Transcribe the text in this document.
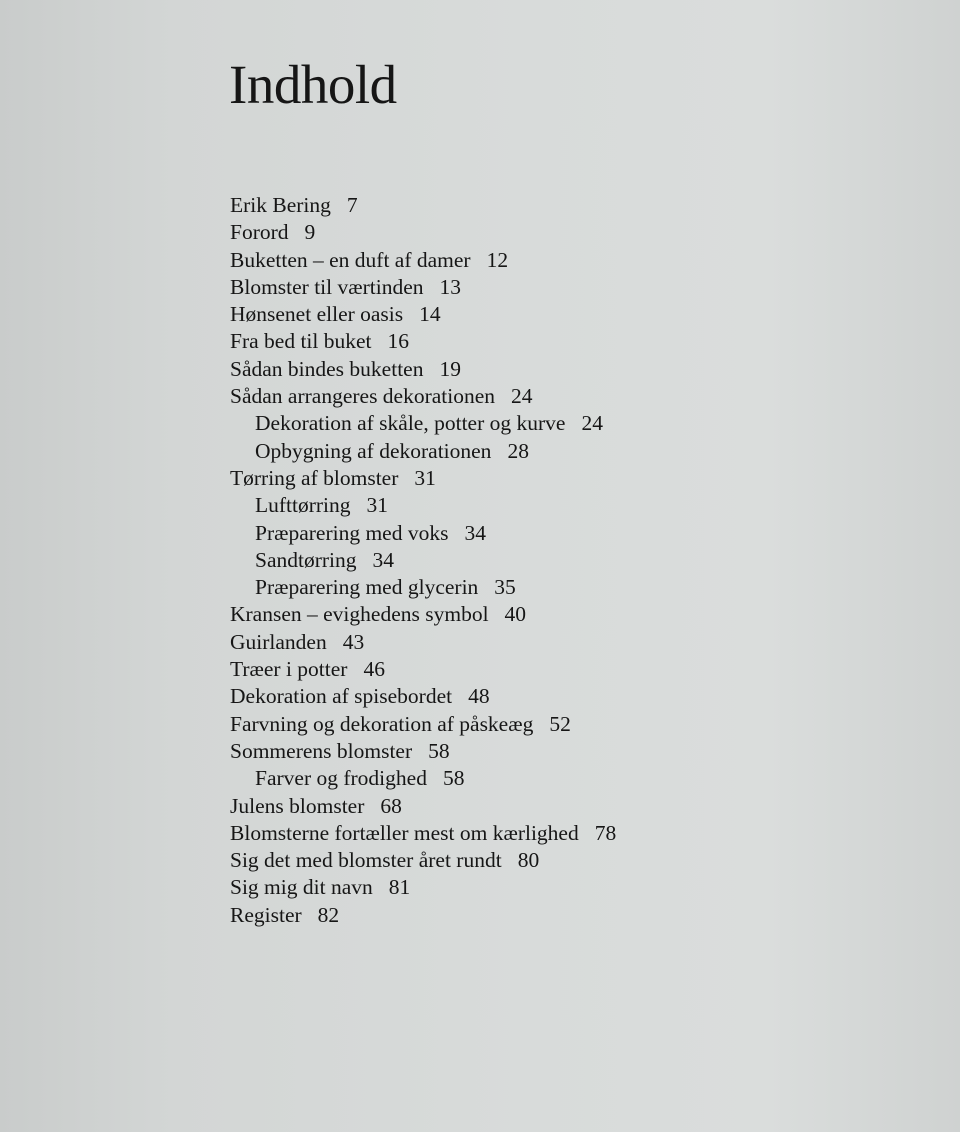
Indhold
Erik Bering 7
Forord 9
Buketten – en duft af damer 12
Blomster til værtinden 13
Hønsenet eller oasis 14
Fra bed til buket 16
Sådan bindes buketten 19
Sådan arrangeres dekorationen 24
Dekoration af skåle, potter og kurve 24
Opbygning af dekorationen 28
Tørring af blomster 31
Lufttørring 31
Præparering med voks 34
Sandtørring 34
Præparering med glycerin 35
Kransen – evighedens symbol 40
Guirlanden 43
Træer i potter 46
Dekoration af spisebordet 48
Farvning og dekoration af påskeæg 52
Sommerens blomster 58
Farver og frodighed 58
Julens blomster 68
Blomsterne fortæller mest om kærlighed 78
Sig det med blomster året rundt 80
Sig mig dit navn 81
Register 82
